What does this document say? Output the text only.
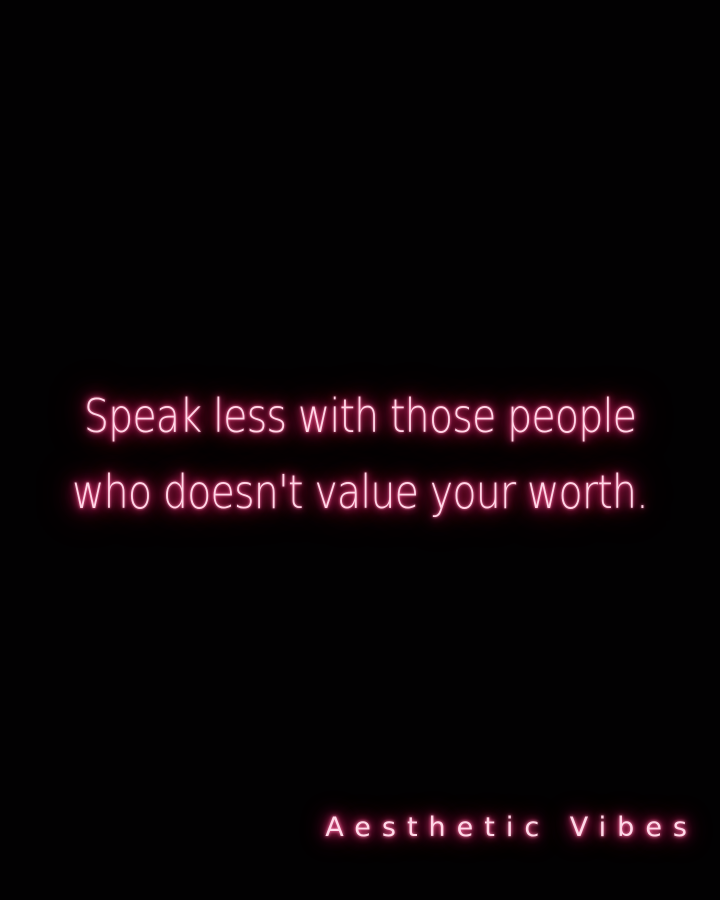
Speak less with those people
who doesn't value your worth.
Aesthetic Vibes
